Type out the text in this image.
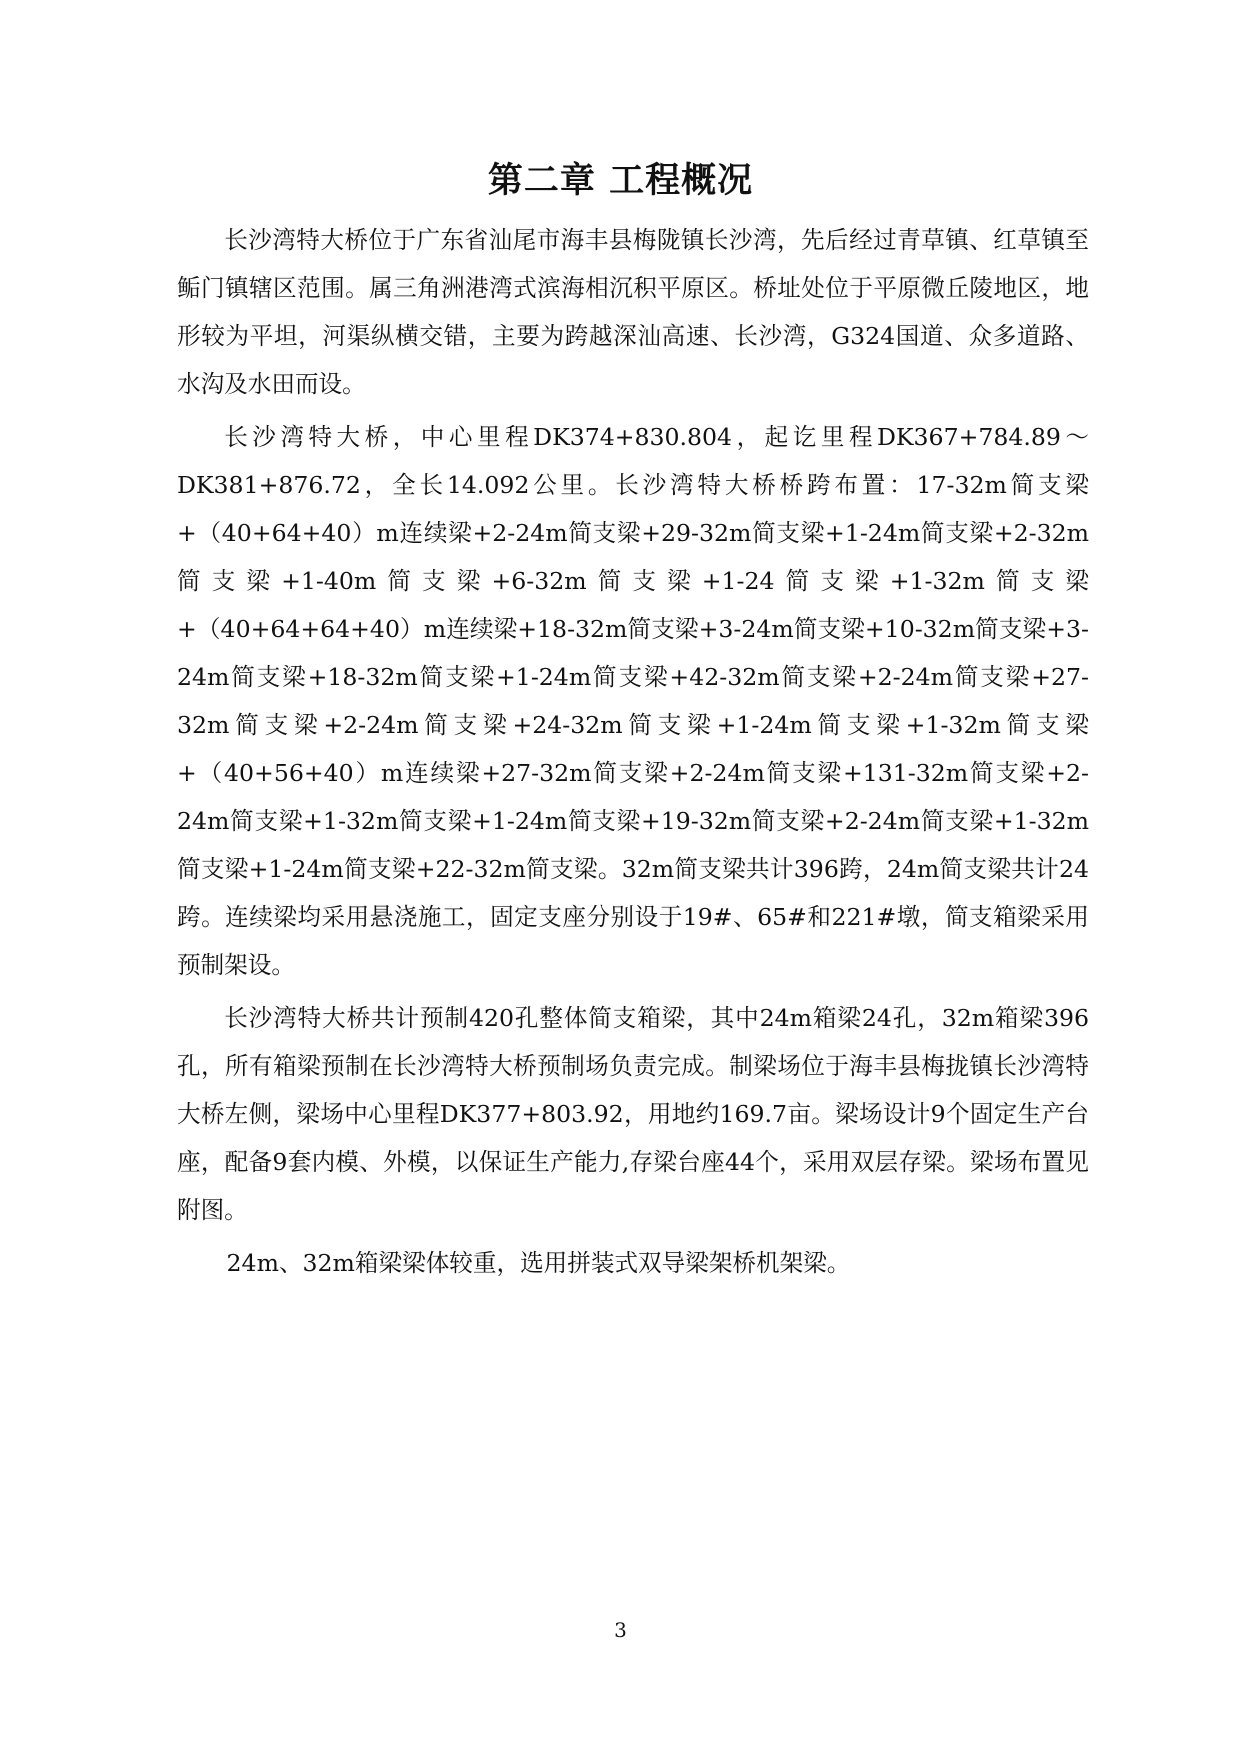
第二章 工程概况

长沙湾特大桥位于广东省汕尾市海丰县梅陇镇长沙湾，先后经过青草镇、红草镇至鲘门镇辖区范围。属三角洲港湾式滨海相沉积平原区。桥址处位于平原微丘陵地区，地形较为平坦，河渠纵横交错，主要为跨越深汕高速、长沙湾，G324国道、众多道路、水沟及水田而设。

长沙湾特大桥，中心里程DK374+830.804，起讫里程DK367+784.89～DK381+876.72，全长14.092公里。长沙湾特大桥桥跨布置：17-32m简支梁+（40+64+40）m连续梁+2-24m简支梁+29-32m简支梁+1-24m简支梁+2-32m简支梁+1-40m简支梁+6-32m简支梁+1-24简支梁+1-32m简支梁+（40+64+64+40）m连续梁+18-32m简支梁+3-24m简支梁+10-32m简支梁+3-24m简支梁+18-32m简支梁+1-24m简支梁+42-32m简支梁+2-24m简支梁+27-32m简支梁+2-24m简支梁+24-32m简支梁+1-24m简支梁+1-32m简支梁+（40+56+40）m连续梁+27-32m简支梁+2-24m简支梁+131-32m简支梁+2-24m简支梁+1-32m简支梁+1-24m简支梁+19-32m简支梁+2-24m简支梁+1-32m简支梁+1-24m简支梁+22-32m简支梁。32m简支梁共计396跨，24m简支梁共计24跨。连续梁均采用悬浇施工，固定支座分别设于19#、65#和221#墩，简支箱梁采用预制架设。

长沙湾特大桥共计预制420孔整体简支箱梁，其中24m箱梁24孔，32m箱梁396孔，所有箱梁预制在长沙湾特大桥预制场负责完成。制梁场位于海丰县梅拢镇长沙湾特大桥左侧，梁场中心里程DK377+803.92，用地约169.7亩。梁场设计9个固定生产台座，配备9套内模、外模，以保证生产能力,存梁台座44个，采用双层存梁。梁场布置见附图。

24m、32m箱梁梁体较重，选用拼装式双导梁架桥机架梁。

3
